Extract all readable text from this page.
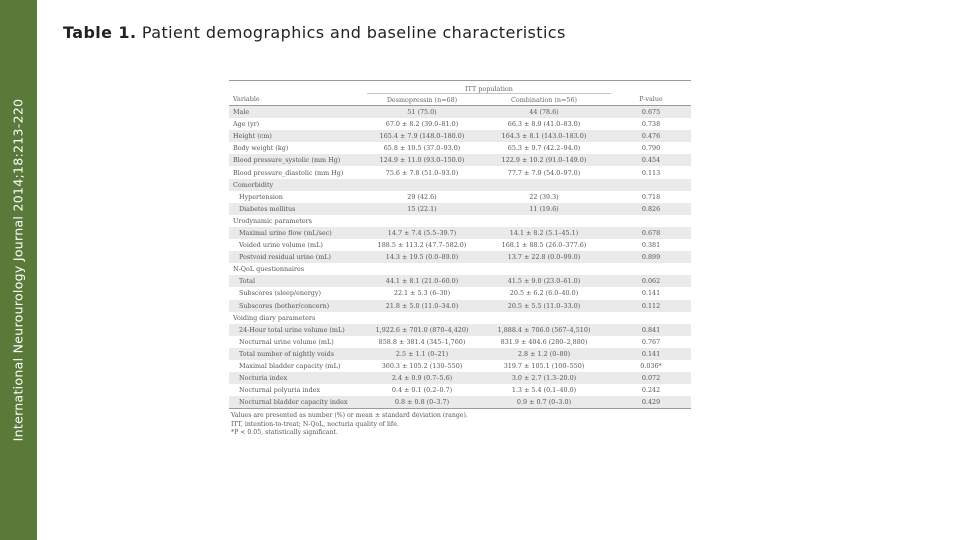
International Neurourology Journal 2014;18:213-220
Table 1. Patient demographics and baseline characteristics
	ITT population		
Variable	Desmopressin (n=68)	Combination (n=56)	P-value
Male	51 (75.0)	44 (78.6)	0.675
Age (yr)	67.0 ± 8.2 (39.0–81.0)	66.3 ± 8.9 (41.0–83.0)	0.738
Height (cm)	165.4 ± 7.9 (148.0–180.0)	164.3 ± 8.1 (143.0–183.0)	0.476
Body weight (kg)	65.8 ± 10.5 (37.0–93.0)	65.3 ± 9.7 (42.2–94.0)	0.790
Blood pressure_systolic (mm Hg)	124.9 ± 11.0 (93.0–150.0)	122.9 ± 10.2 (91.0–149.0)	0.454
Blood pressure_diastolic (mm Hg)	75.6 ± 7.8 (51.0–93.0)	77.7 ± 7.9 (54.0–97.0)	0.113
Comorbidity			
Hypertension	29 (42.6)	22 (39.3)	0.718
Diabetes mellitus	15 (22.1)	11 (19.6)	0.826
Urodynamic parameters			
Maximal urine flow (mL/sec)	14.7 ± 7.4 (5.5–39.7)	14.1 ± 8.2 (5.1–45.1)	0.678
Voided urine volume (mL)	188.5 ± 113.2 (47.7–582.0)	168.1 ± 88.5 (26.0–377.6)	0.381
Postvoid residual urine (mL)	14.3 ± 19.5 (0.0–89.0)	13.7 ± 22.8 (0.0–99.0)	0.899
N-QoL questionnaires			
Total	44.1 ± 8.1 (21.0–60.0)	41.5 ± 9.0 (23.0–61.0)	0.062
Subscores (sleep/energy)	22.1 ± 5.3 (6–30)	20.5 ± 6.2 (6.0–40.0)	0.141
Subscores (bother/concern)	21.8 ± 5.0 (11.0–34.0)	20.5 ± 5.5 (11.0–33.0)	0.112
Voiding diary parameters			
24-Hour total urine volume (mL)	1,922.6 ± 701.0 (870–4,420)	1,888.4 ± 706.0 (567–4,510)	0.841
Nocturnal urine volume (mL)	858.8 ± 381.4 (345–1,760)	831.9 ± 404.6 (280–2,880)	0.767
Total number of nightly voids	2.5 ± 1.1 (0–21)	2.8 ± 1.2 (0–80)	0.141
Maximal bladder capacity (mL)	360.3 ± 105.2 (130–550)	319.7 ± 105.1 (100–550)	0.036*
Nocturia index	2.4 ± 0.9 (0.7–5.6)	3.0 ± 2.7 (1.3–20.0)	0.072
Nocturnal polyuria index	0.4 ± 0.1 (0.2–0.7)	1.3 ± 5.4 (0.1–40.0)	0.242
Nocturnal bladder capacity index	0.8 ± 0.8 (0–3.7)	0.9 ± 0.7 (0–3.0)	0.429
Values are presented as number (%) or mean ± standard deviation (range).
ITT, intention-to-treat; N-QoL, nocturia quality of life.
*P < 0.05, statistically significant.
